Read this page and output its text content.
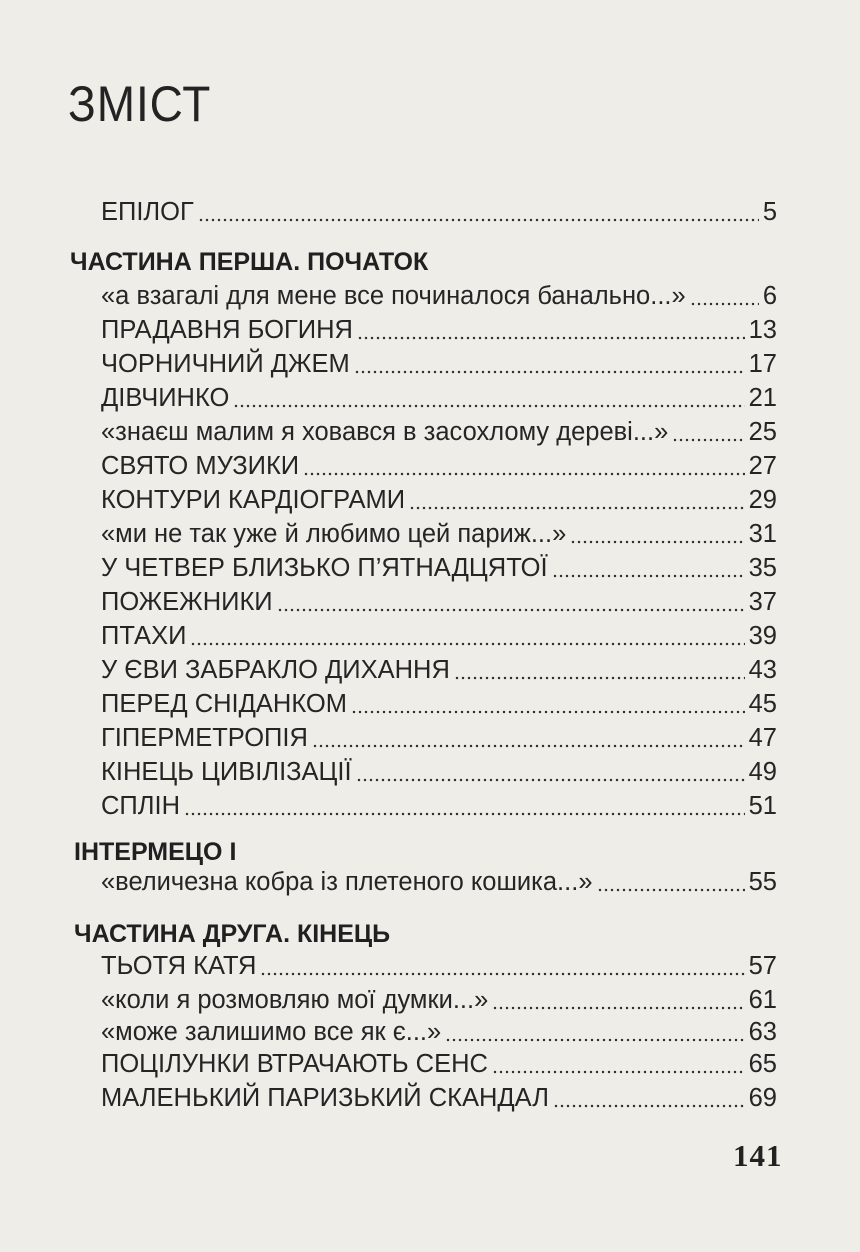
ЗМІСТ
ЕПІЛОГ	5
ЧАСТИНА ПЕРША. ПОЧАТОК
«а взагалі для мене все починалося банально...»	6
ПРАДАВНЯ БОГИНЯ	13
ЧОРНИЧНИЙ ДЖЕМ	17
ДІВЧИНКО	21
«знаєш малим я ховався в засохлому дереві...»	25
СВЯТО МУЗИКИ	27
КОНТУРИ КАРДІОГРАМИ	29
«ми не так уже й любимо цей париж...»	31
У ЧЕТВЕР БЛИЗЬКО П’ЯТНАДЦЯТОЇ	35
ПОЖЕЖНИКИ	37
ПТАХИ	39
У ЄВИ ЗАБРАКЛО ДИХАННЯ	43
ПЕРЕД СНІДАНКОМ	45
ГІПЕРМЕТРОПІЯ	47
КІНЕЦЬ ЦИВІЛІЗАЦІЇ	49
СПЛІН	51
ІНТЕРМЕЦО І
«величезна кобра із плетеного кошика...»	55
ЧАСТИНА ДРУГА. КІНЕЦЬ
ТЬОТЯ КАТЯ	57
«коли я розмовляю мої думки...»	61
«може залишимо все як є...»	63
ПОЦІЛУНКИ ВТРАЧАЮТЬ СЕНС	65
МАЛЕНЬКИЙ ПАРИЗЬКИЙ СКАНДАЛ	69
141
